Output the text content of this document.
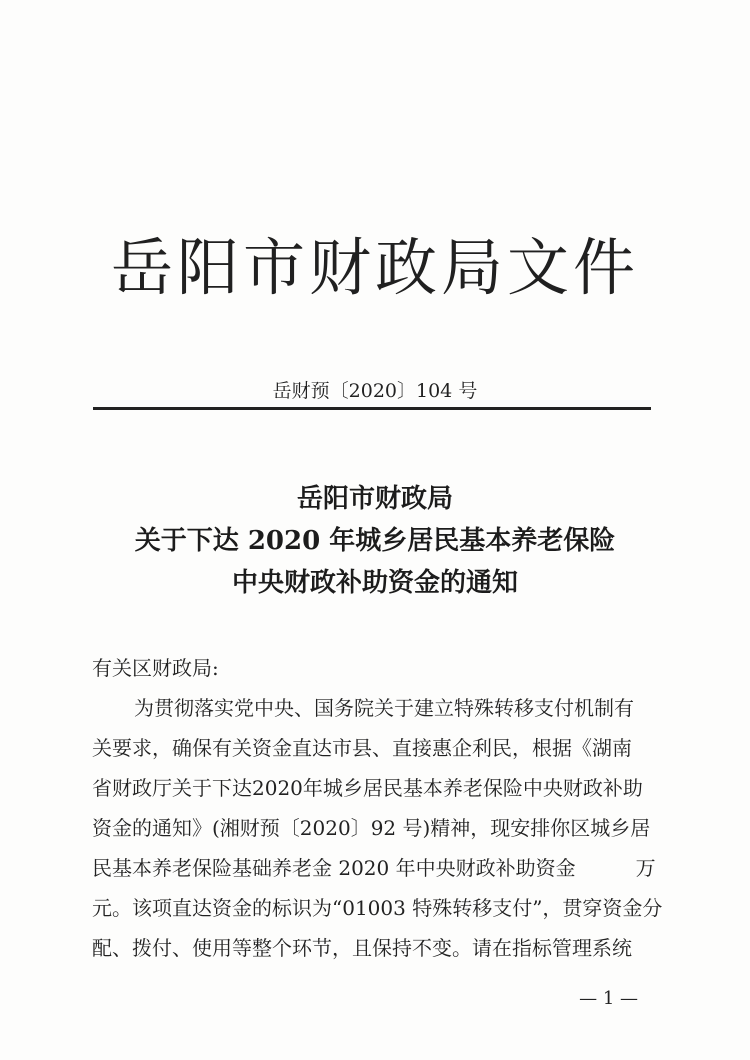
岳阳市财政局文件
岳财预〔2020〕104 号
岳阳市财政局
关于下达 2020 年城乡居民基本养老保险
中央财政补助资金的通知
有关区财政局:
为贯彻落实党中央、国务院关于建立特殊转移支付机制有
关要求，确保有关资金直达市县、直接惠企利民，根据《湖南
省财政厅关于下达2020年城乡居民基本养老保险中央财政补助
资金的通知》(湘财预〔2020〕92 号)精神，现安排你区城乡居
民基本养老保险基础养老金 2020 年中央财政补助资金　　　万
元。该项直达资金的标识为“01003 特殊转移支付”，贯穿资金分
配、拨付、使用等整个环节，且保持不变。请在指标管理系统
— 1 —
